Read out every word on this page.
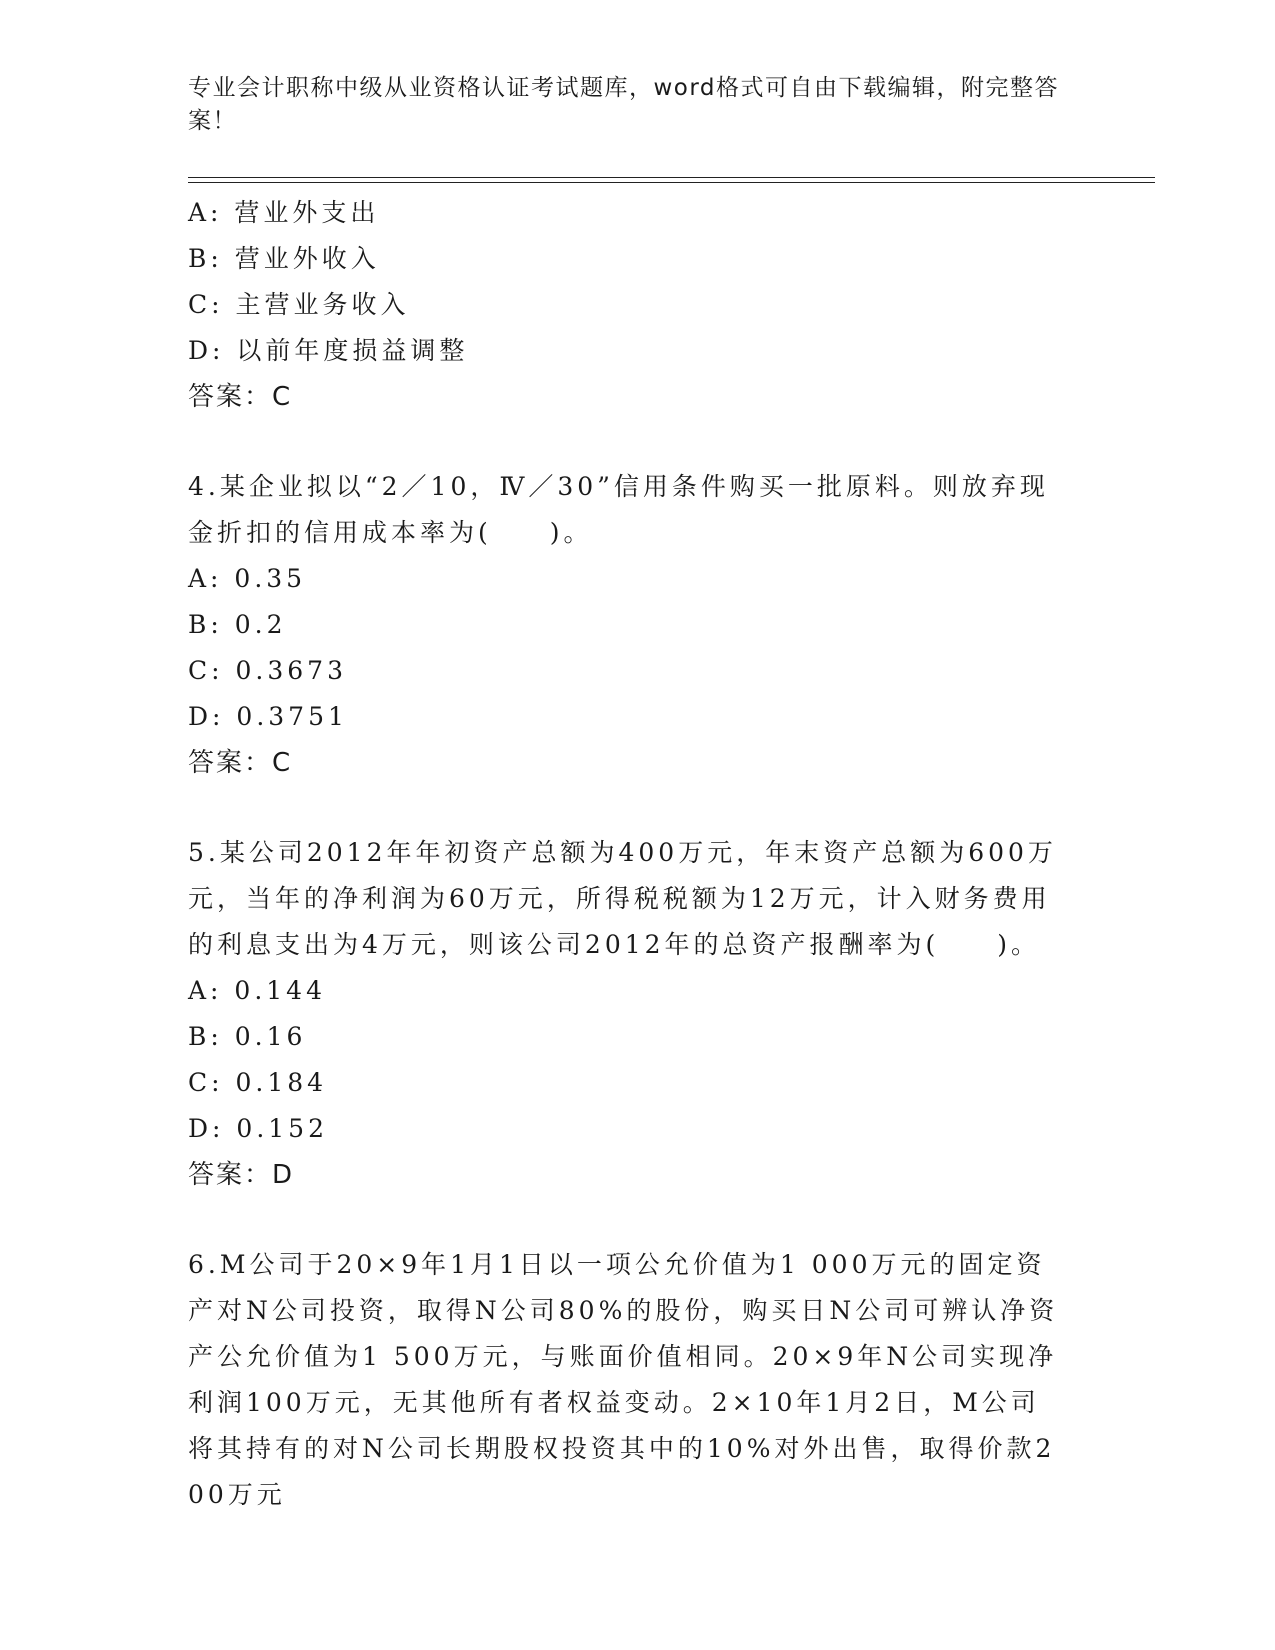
专业会计职称中级从业资格认证考试题库，word格式可自由下载编辑，附完整答案！
A: 营业外支出
B: 营业外收入
C: 主营业务收入
D: 以前年度损益调整
答案：C
4.某企业拟以“2／10，Ⅳ／30”信用条件购买一批原料。则放弃现金折扣的信用成本率为(　　)。
A: 0.35
B: 0.2
C: 0.3673
D: 0.3751
答案：C
5.某公司2012年年初资产总额为400万元，年末资产总额为600万元，当年的净利润为60万元，所得税税额为12万元，计入财务费用的利息支出为4万元，则该公司2012年的总资产报酬率为(　　)。
A: 0.144
B: 0.16
C: 0.184
D: 0.152
答案：D
6.M公司于20×9年1月1日以一项公允价值为1 000万元的固定资产对N公司投资，取得N公司80%的股份，购买日N公司可辨认净资产公允价值为1 500万元，与账面价值相同。20×9年N公司实现净利润100万元，无其他所有者权益变动。2×10年1月2日，M公司将其持有的对N公司长期股权投资其中的10%对外出售，取得价款200万元
